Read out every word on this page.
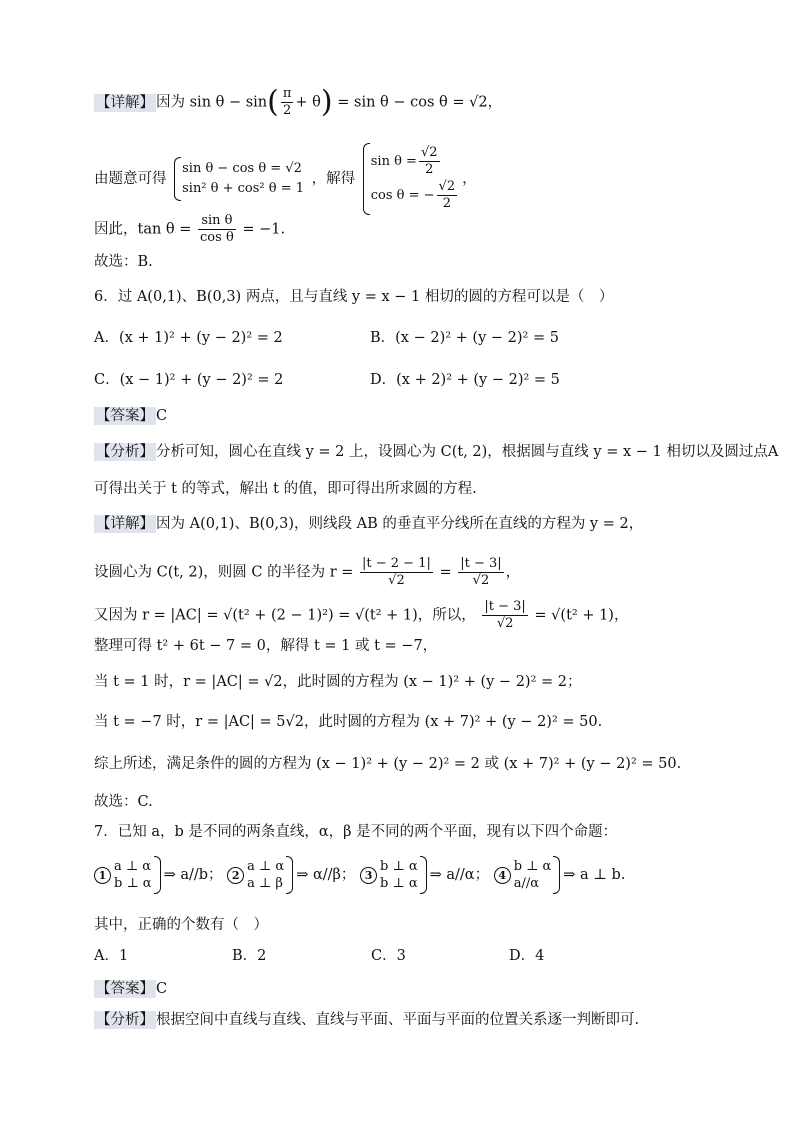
【详解】 因为 $\sin \theta - \sin( \frac{\pi}{2} + \theta) = \sin \theta - \cos \theta = √2$，
由题意可得
sin θ − cos θ = √2
sin² θ + cos² θ = 1
，解得
$\sin \theta = \frac{√2}{2}$
cos θ = − $\frac{√2}{2}$ ，
因此，$\tan \theta = \frac{\text{sin θ}}{\text{cos θ}} = -1$.
故选：B.
6．过 A(0,1)、B(0,3) 两点，且与直线 y = x − 1 相切的圆的方程可以是（　）
A．(x + 1)² + (y − 2)² = 2	B．(x − 2)² + (y − 2)² = 5
C．(x − 1)² + (y − 2)² = 2	D．(x + 2)² + (y − 2)² = 5
【答案】 C
【分析】 分析可知，圆心在直线 y = 2 上，设圆心为 C(t, 2)，根据圆与直线 y = x − 1 相切以及圆过点A
可得出关于 t 的等式，解出 t 的值，即可得出所求圆的方程.
【详解】 因为 A(0,1)、B(0,3)，则线段 AB 的垂直平分线所在直线的方程为 y = 2，
设圆心为 C(t, 2)，则圆 C 的半径为 $r = \frac{|t - 2 - 1|}{√2} = \frac{|t - 3|}{√2}$ ，
又因为 r = |AC| = √(t² + (2 − 1)²) = √(t² + 1)，所以， $\frac{|t - 3|}{√2} = √(t^2 + 1)$，
整理可得 t² + 6t − 7 = 0，解得 t = 1 或 t = −7，
当 t = 1 时，r = |AC| = √2，此时圆的方程为 (x − 1)² + (y − 2)² = 2；
当 t = −7 时，r = |AC| = 5√2，此时圆的方程为 (x + 7)² + (y − 2)² = 50.
综上所述，满足条件的圆的方程为 (x − 1)² + (y − 2)² = 2 或 (x + 7)² + (y − 2)² = 50.
故选：C.
7．已知 a，b 是不同的两条直线，α，β 是不同的两个平面，现有以下四个命题：
1
a ⊥ α
b ⊥ α
⇒ a//b； 2
a ⊥ α
a ⊥ β
⇒ α//β； 3
b ⊥ α
b ⊥ α
⇒ a//α； 4
b ⊥ α
a//α
⇒ a ⊥ b.
其中，正确的个数有（　）
A．1	B．2	C．3	D．4
【答案】 C
【分析】 根据空间中直线与直线、直线与平面、平面与平面的位置关系逐一判断即可.
